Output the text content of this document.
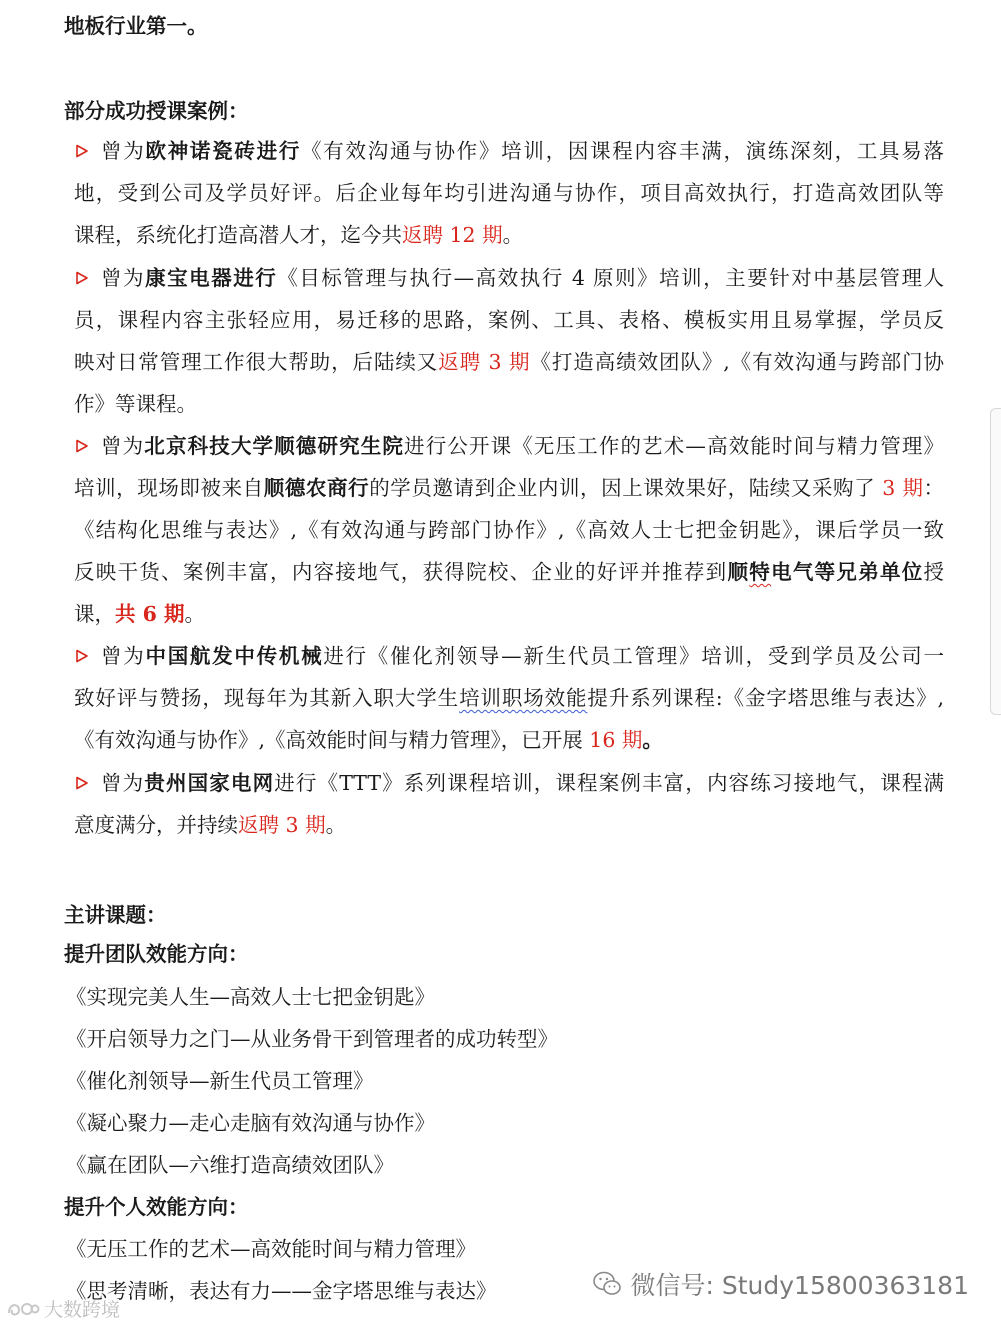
地板行业第一。
部分成功授课案例：
曾为欧神诺瓷砖进行《有效沟通与协作》培训，因课程内容丰满，演练深刻，工具易落
地，受到公司及学员好评。后企业每年均引进沟通与协作，项目高效执行，打造高效团队等
课程，系统化打造高潜人才，迄今共返聘 12 期。
曾为康宝电器进行《目标管理与执行—高效执行 4 原则》培训，主要针对中基层管理人
员，课程内容主张轻应用，易迁移的思路，案例、工具、表格、模板实用且易掌握，学员反
映对日常管理工作很大帮助，后陆续又返聘 3 期《打造高绩效团队》,《有效沟通与跨部门协
作》等课程。
曾为北京科技大学顺德研究生院进行公开课《无压工作的艺术—高效能时间与精力管理》
培训，现场即被来自顺德农商行的学员邀请到企业内训，因上课效果好，陆续又采购了 3 期：
《结构化思维与表达》,《有效沟通与跨部门协作》,《高效人士七把金钥匙》，课后学员一致
反映干货、案例丰富，内容接地气，获得院校、企业的好评并推荐到顺特电气等兄弟单位授
课，共 6 期。
曾为中国航发中传机械进行《催化剂领导—新生代员工管理》培训，受到学员及公司一
致好评与赞扬，现每年为其新入职大学生培训职场效能提升系列课程:《金字塔思维与表达》,
《有效沟通与协作》,《高效能时间与精力管理》，已开展 16 期。
曾为贵州国家电网进行《TTT》系列课程培训，课程案例丰富，内容练习接地气，课程满
意度满分，并持续返聘 3 期。
主讲课题：
提升团队效能方向：
《实现完美人生—高效人士七把金钥匙》
《开启领导力之门—从业务骨干到管理者的成功转型》
《催化剂领导—新生代员工管理》
《凝心聚力—走心走脑有效沟通与协作》
《赢在团队—六维打造高绩效团队》
提升个人效能方向：
《无压工作的艺术—高效能时间与精力管理》
《思考清晰，表达有力——金字塔思维与表达》	微信号: Study15800363181
大数跨境
